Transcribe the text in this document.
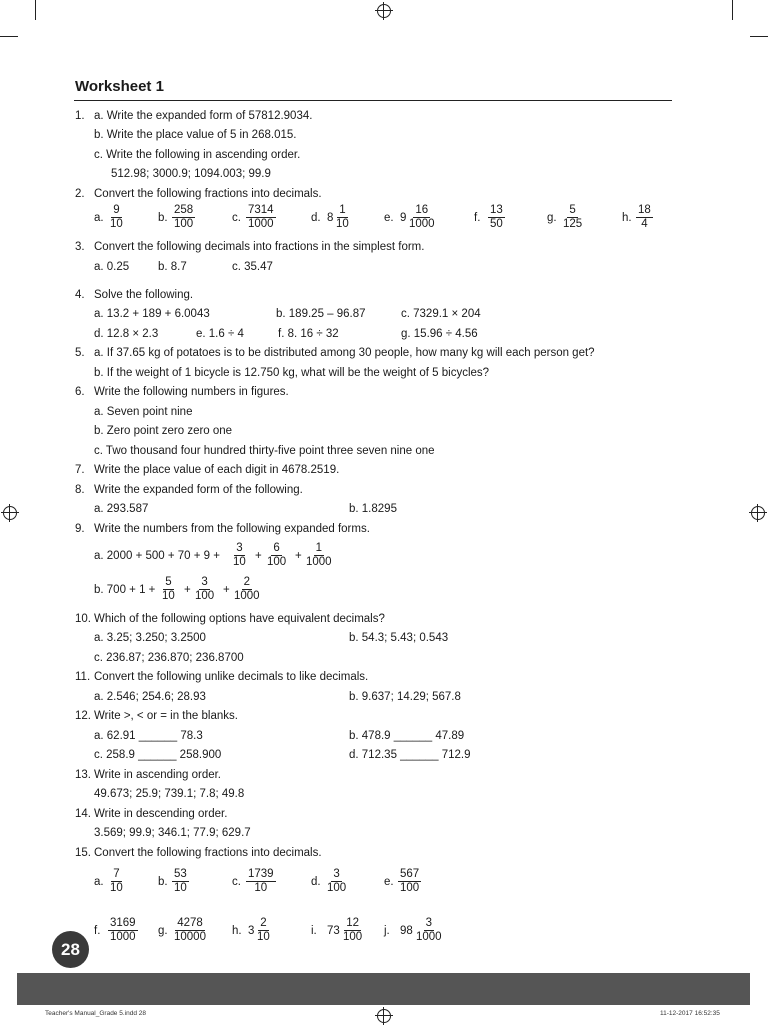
Worksheet 1
1. a. Write the expanded form of 57812.9034.
b. Write the place value of 5 in 268.015.
c. Write the following in ascending order.
512.98; 3000.9; 1094.003; 99.9
2. Convert the following fractions into decimals.
a. $\frac{9}{10}$	b. $\frac{258}{100}$	c. $\frac{7314}{1000}$	d. $8 \frac{1}{10}$	e. $9 \frac{16}{1000}$	f. $\frac{13}{50}$	g. $\frac{5}{125}$	h. $\frac{18}{4}$
3. Convert the following decimals into fractions in the simplest form.
a. 0.25	b. 8.7	c. 35.47
4. Solve the following.
a. 13.2 + 189 + 6.0043	b. 189.25 – 96.87	c. 7329.1 × 204
d. 12.8 × 2.3	e. 1.6 ÷ 4	f. 8. 16 ÷ 32	g. 15.96 ÷ 4.56
5. a. If 37.65 kg of potatoes is to be distributed among 30 people, how many kg will each person get?
b. If the weight of 1 bicycle is 12.750 kg, what will be the weight of 5 bicycles?
6. Write the following numbers in figures.
a. Seven point nine
b. Zero point zero zero one
c. Two thousand four hundred thirty-five point three seven nine one
7. Write the place value of each digit in 4678.2519.
8. Write the expanded form of the following.
a. 293.587	b. 1.8295
9. Write the numbers from the following expanded forms.
a. $2000 + 500 + 70 + 9 + \frac{3}{10} + \frac{6}{100} + \frac{1}{1000}$
b. $700 + 1 + \frac{5}{10} + \frac{3}{100} + \frac{2}{1000}$
10. Which of the following options have equivalent decimals?
a. 3.25; 3.250; 3.2500	b. 54.3; 5.43; 0.543
c. 236.87; 236.870; 236.8700
11. Convert the following unlike decimals to like decimals.
a. 2.546; 254.6; 28.93	b. 9.637; 14.29; 567.8
12. Write >, < or = in the blanks.
a. 62.91 ______ 78.3	b. 478.9 ______ 47.89
c. 258.9 ______ 258.900	d. 712.35 ______ 712.9
13. Write in ascending order.
49.673; 25.9; 739.1; 7.8; 49.8
14. Write in descending order.
3.569; 99.9; 346.1; 77.9; 629.7
15. Convert the following fractions into decimals.
a. $\frac{7}{10}$	b. $\frac{53}{10}$	c. $\frac{1739}{10}$	d. $\frac{3}{100}$	e. $\frac{567}{100}$
f. $\frac{3169}{1000} g$. $\frac{4278}{10000} h$. $3 \frac{2}{10}$	i. $73 \frac{12}{100} j$. $98 \frac{3}{1000}$
28
Teacher's Manual_Grade 5.indd 28	11-12-2017 16:52:35
